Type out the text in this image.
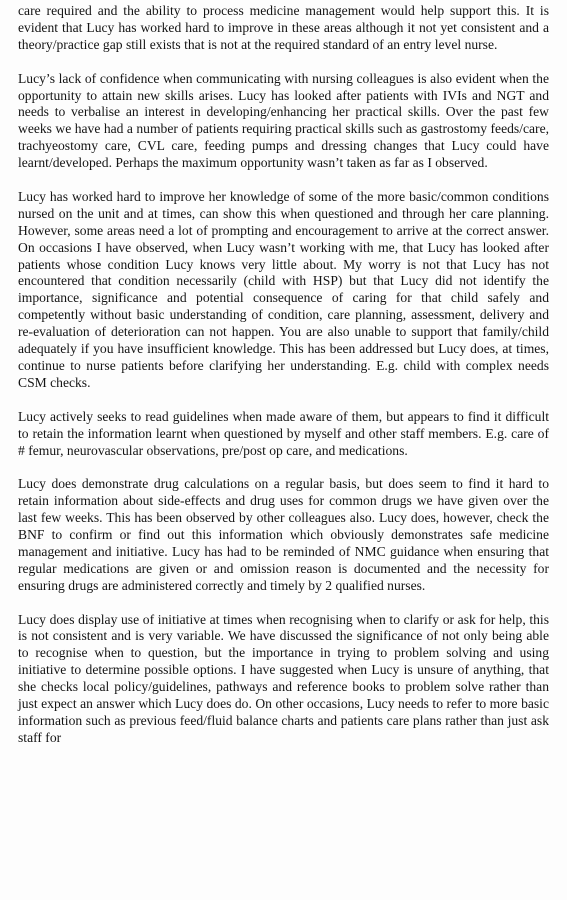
care required and the ability to process medicine management would help support this. It is evident that Lucy has worked hard to improve in these areas although it not yet consistent and a theory/practice gap still exists that is not at the required standard of an entry level nurse.

Lucy’s lack of confidence when communicating with nursing colleagues is also evident when the opportunity to attain new skills arises. Lucy has looked after patients with IVIs and NGT and needs to verbalise an interest in developing/enhancing her practical skills. Over the past few weeks we have had a number of patients requiring practical skills such as gastrostomy feeds/care, trachyeostomy care, CVL care, feeding pumps and dressing changes that Lucy could have learnt/developed. Perhaps the maximum opportunity wasn’t taken as far as I observed.

Lucy has worked hard to improve her knowledge of some of the more basic/common conditions nursed on the unit and at times, can show this when questioned and through her care planning. However, some areas need a lot of prompting and encouragement to arrive at the correct answer. On occasions I have observed, when Lucy wasn’t working with me, that Lucy has looked after patients whose condition Lucy knows very little about. My worry is not that Lucy has not encountered that condition necessarily (child with HSP) but that Lucy did not identify the importance, significance and potential consequence of caring for that child safely and competently without basic understanding of condition, care planning, assessment, delivery and re-evaluation of deterioration can not happen. You are also unable to support that family/child adequately if you have insufficient knowledge. This has been addressed but Lucy does, at times, continue to nurse patients before clarifying her understanding. E.g. child with complex needs CSM checks.

Lucy actively seeks to read guidelines when made aware of them, but appears to find it difficult to retain the information learnt when questioned by myself and other staff members. E.g. care of # femur, neurovascular observations, pre/post op care, and medications.

Lucy does demonstrate drug calculations on a regular basis, but does seem to find it hard to retain information about side-effects and drug uses for common drugs we have given over the last few weeks. This has been observed by other colleagues also. Lucy does, however, check the BNF to confirm or find out this information which obviously demonstrates safe medicine management and initiative. Lucy has had to be reminded of NMC guidance when ensuring that regular medications are given or and omission reason is documented and the necessity for ensuring drugs are administered correctly and timely by 2 qualified nurses.

Lucy does display use of initiative at times when recognising when to clarify or ask for help, this is not consistent and is very variable. We have discussed the significance of not only being able to recognise when to question, but the importance in trying to problem solving and using initiative to determine possible options. I have suggested when Lucy is unsure of anything, that she checks local policy/guidelines, pathways and reference books to problem solve rather than just expect an answer which Lucy does do. On other occasions, Lucy needs to refer to more basic information such as previous feed/fluid balance charts and patients care plans rather than just ask staff for
